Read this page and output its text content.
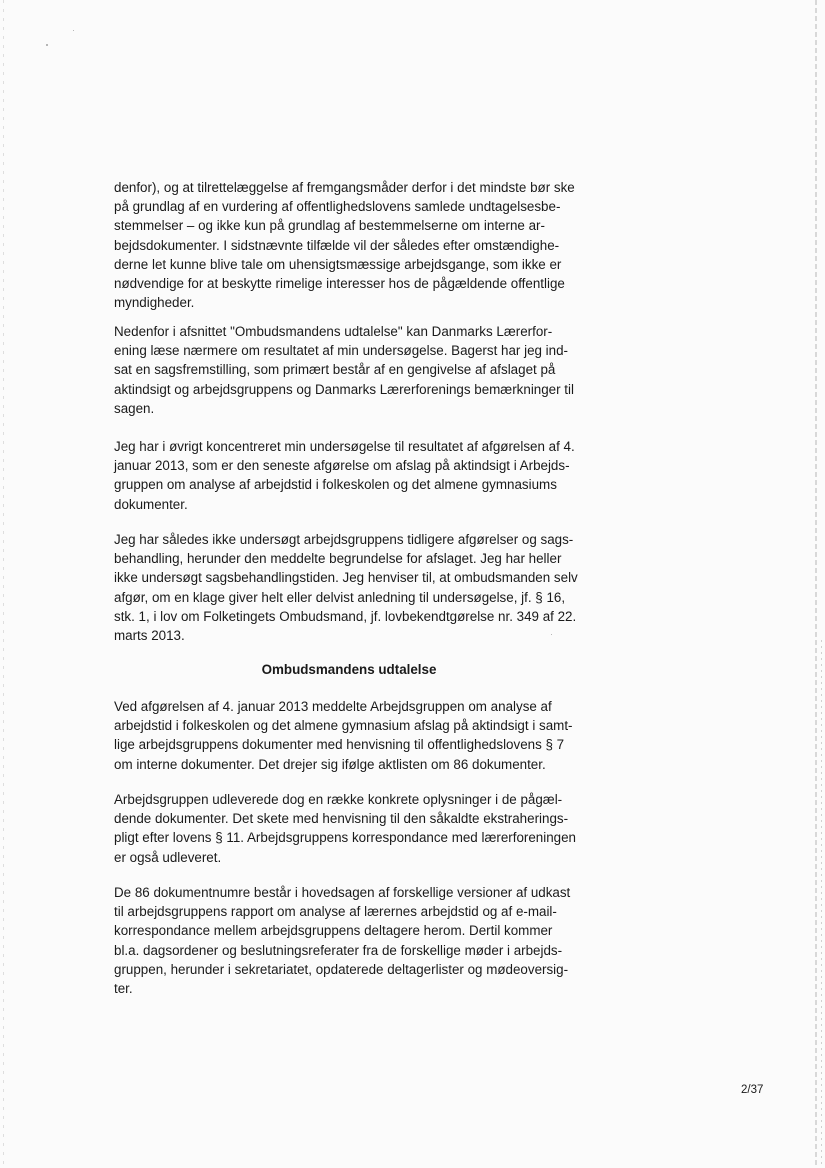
denfor), og at tilrettelæggelse af fremgangsmåder derfor i det mindste bør ske
på grundlag af en vurdering af offentlighedslovens samlede undtagelsesbe-
stemmelser – og ikke kun på grundlag af bestemmelserne om interne ar-
bejdsdokumenter. I sidstnævnte tilfælde vil der således efter omstændighe-
derne let kunne blive tale om uhensigtsmæssige arbejdsgange, som ikke er
nødvendige for at beskytte rimelige interesser hos de pågældende offentlige
myndigheder.

Nedenfor i afsnittet "Ombudsmandens udtalelse" kan Danmarks Lærerfor-
ening læse nærmere om resultatet af min undersøgelse. Bagerst har jeg ind-
sat en sagsfremstilling, som primært består af en gengivelse af afslaget på
aktindsigt og arbejdsgruppens og Danmarks Lærerforenings bemærkninger til
sagen.

Jeg har i øvrigt koncentreret min undersøgelse til resultatet af afgørelsen af 4.
januar 2013, som er den seneste afgørelse om afslag på aktindsigt i Arbejds-
gruppen om analyse af arbejdstid i folkeskolen og det almene gymnasiums
dokumenter.

Jeg har således ikke undersøgt arbejdsgruppens tidligere afgørelser og sags-
behandling, herunder den meddelte begrundelse for afslaget. Jeg har heller
ikke undersøgt sagsbehandlingstiden. Jeg henviser til, at ombudsmanden selv
afgør, om en klage giver helt eller delvist anledning til undersøgelse, jf. § 16,
stk. 1, i lov om Folketingets Ombudsmand, jf. lovbekendtgørelse nr. 349 af 22.
marts 2013.

Ombudsmandens udtalelse

Ved afgørelsen af 4. januar 2013 meddelte Arbejdsgruppen om analyse af
arbejdstid i folkeskolen og det almene gymnasium afslag på aktindsigt i samt-
lige arbejdsgruppens dokumenter med henvisning til offentlighedslovens § 7
om interne dokumenter. Det drejer sig ifølge aktlisten om 86 dokumenter.

Arbejdsgruppen udleverede dog en række konkrete oplysninger i de pågæl-
dende dokumenter. Det skete med henvisning til den såkaldte ekstraherings-
pligt efter lovens § 11. Arbejdsgruppens korrespondance med lærerforeningen
er også udleveret.

De 86 dokumentnumre består i hovedsagen af forskellige versioner af udkast
til arbejdsgruppens rapport om analyse af lærernes arbejdstid og af e-mail-
korrespondance mellem arbejdsgruppens deltagere herom. Dertil kommer
bl.a. dagsordener og beslutningsreferater fra de forskellige møder i arbejds-
gruppen, herunder i sekretariatet, opdaterede deltagerlister og mødeoversig-
ter.

2/37
